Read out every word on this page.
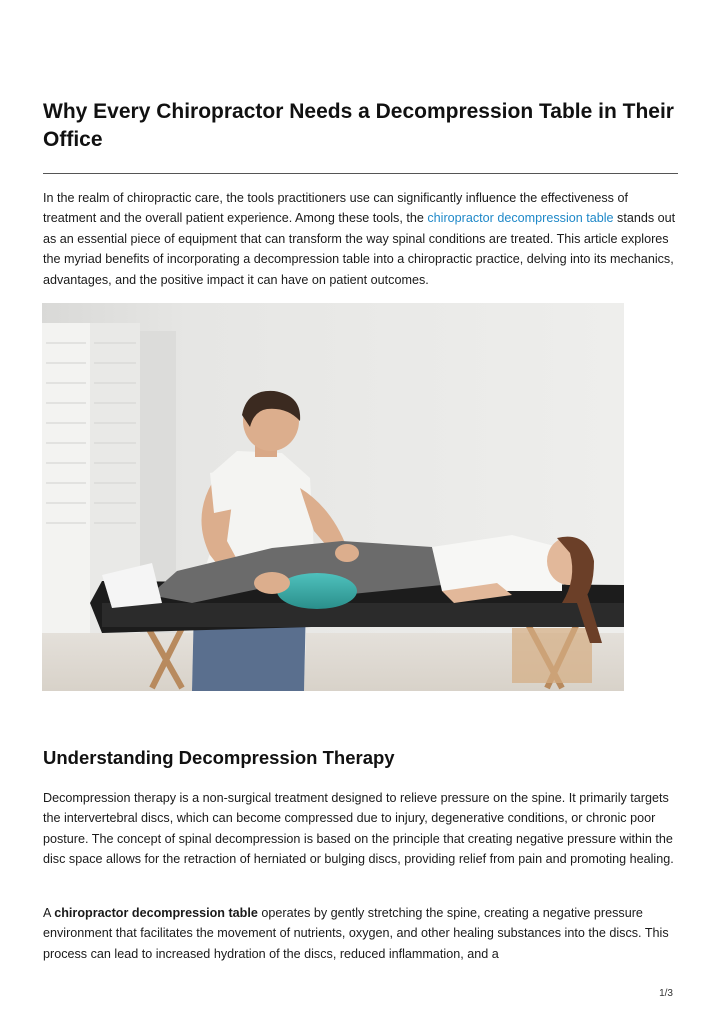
Why Every Chiropractor Needs a Decompression Table in Their Office

In the realm of chiropractic care, the tools practitioners use can significantly influence the effectiveness of treatment and the overall patient experience. Among these tools, the chiropractor decompression table stands out as an essential piece of equipment that can transform the way spinal conditions are treated. This article explores the myriad benefits of incorporating a decompression table into a chiropractic practice, delving into its mechanics, advantages, and the positive impact it can have on patient outcomes.

Understanding Decompression Therapy

Decompression therapy is a non-surgical treatment designed to relieve pressure on the spine. It primarily targets the intervertebral discs, which can become compressed due to injury, degenerative conditions, or chronic poor posture. The concept of spinal decompression is based on the principle that creating negative pressure within the disc space allows for the retraction of herniated or bulging discs, providing relief from pain and promoting healing.

A chiropractor decompression table operates by gently stretching the spine, creating a negative pressure environment that facilitates the movement of nutrients, oxygen, and other healing substances into the discs. This process can lead to increased hydration of the discs, reduced inflammation, and a

1/3
